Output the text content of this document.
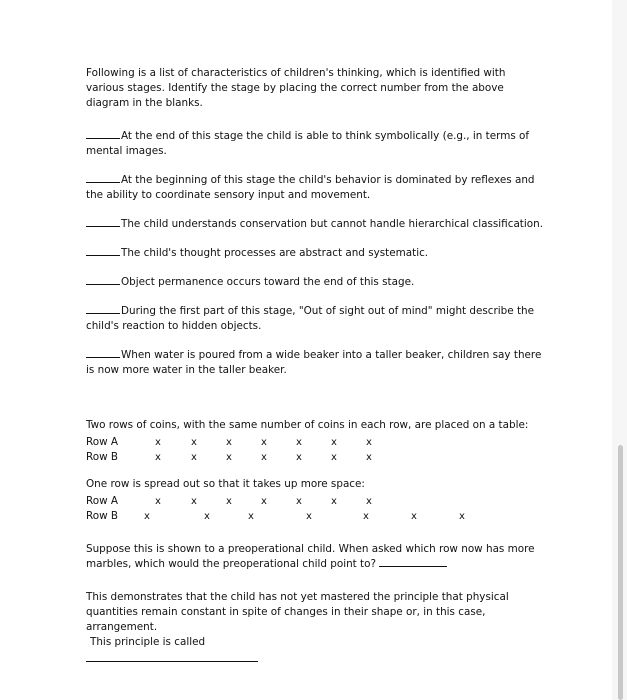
Following is a list of characteristics of children's thinking, which is identified with various stages. Identify the stage by placing the correct number from the above diagram in the blanks.

At the end of this stage the child is able to think symbolically (e.g., in terms of mental images.

At the beginning of this stage the child's behavior is dominated by reflexes and the ability to coordinate sensory input and movement.

The child understands conservation but cannot handle hierarchical classification.

The child's thought processes are abstract and systematic.

Object permanence occurs toward the end of this stage.

During the first part of this stage, "Out of sight out of mind" might describe the child's reaction to hidden objects.

When water is poured from a wide beaker into a taller beaker, children say there is now more water in the taller beaker.

Two rows of coins, with the same number of coins in each row, are placed on a table:

Row A	x	x	x	x	x	x	x
Row B	x	x	x	x	x	x	x

One row is spread out so that it takes up more space:

Row A	x	x	x	x	x	x	x
Row B	x	x	x	x	x	x	x

Suppose this is shown to a preoperational child. When asked which row now has more marbles, which would the preoperational child point to?

This demonstrates that the child has not yet mastered the principle that physical quantities remain constant in spite of changes in their shape or, in this case, arrangement.

This principle is called
